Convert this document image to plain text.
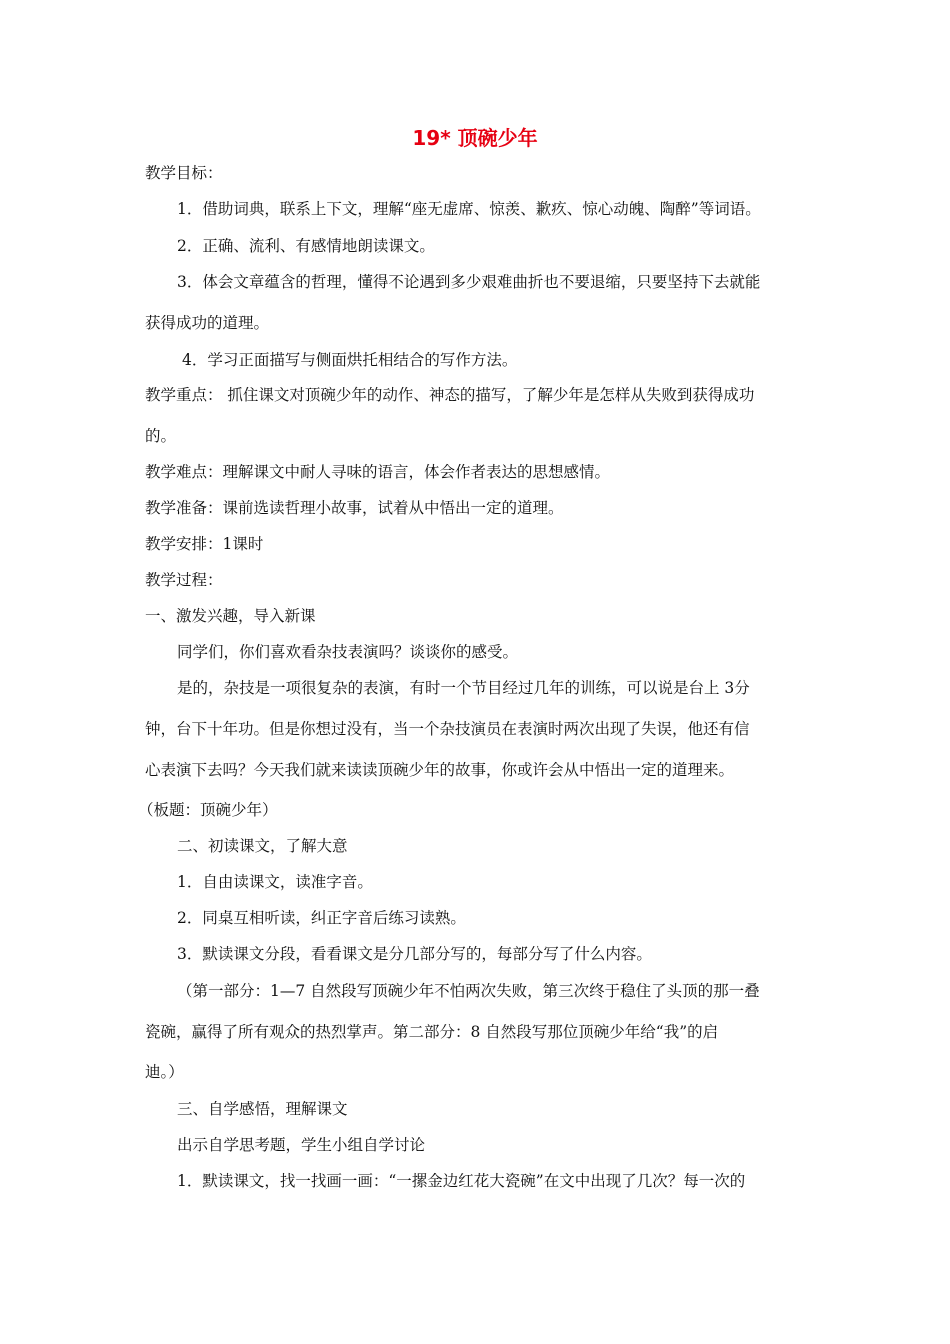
19* 顶碗少年
教学目标：
1．借助词典，联系上下文，理解“座无虚席、惊羡、歉疚、惊心动魄、陶醉”等词语。
2．正确、流利、有感情地朗读课文。
3．体会文章蕴含的哲理，懂得不论遇到多少艰难曲折也不要退缩，只要坚持下去就能
获得成功的道理。
4．学习正面描写与侧面烘托相结合的写作方法。
教学重点： 抓住课文对顶碗少年的动作、神态的描写，了解少年是怎样从失败到获得成功
的。
教学难点：理解课文中耐人寻味的语言，体会作者表达的思想感情。
教学准备：课前选读哲理小故事，试着从中悟出一定的道理。
教学安排：1课时
教学过程：
一、激发兴趣，导入新课
同学们，你们喜欢看杂技表演吗？谈谈你的感受。
是的，杂技是一项很复杂的表演，有时一个节目经过几年的训练，可以说是台上 3分
钟，台下十年功。但是你想过没有，当一个杂技演员在表演时两次出现了失误，他还有信
心表演下去吗？今天我们就来读读顶碗少年的故事，你或许会从中悟出一定的道理来。
（板题：顶碗少年）
二、初读课文，了解大意
1．自由读课文，读准字音。
2．同桌互相听读，纠正字音后练习读熟。
3．默读课文分段，看看课文是分几部分写的，每部分写了什么内容。
（第一部分：1—7 自然段写顶碗少年不怕两次失败，第三次终于稳住了头顶的那一叠
瓷碗，赢得了所有观众的热烈掌声。第二部分：8 自然段写那位顶碗少年给“我”的启
迪。）
三、自学感悟，理解课文
出示自学思考题，学生小组自学讨论
1．默读课文，找一找画一画：“一摞金边红花大瓷碗”在文中出现了几次？每一次的
